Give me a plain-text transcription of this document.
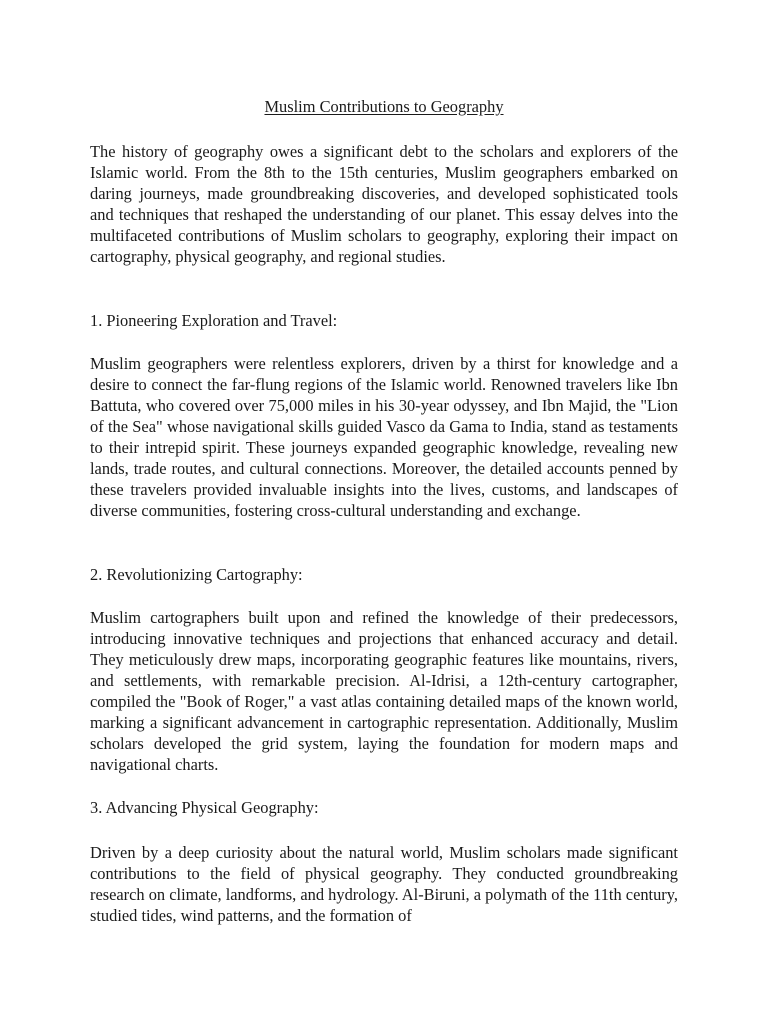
Muslim Contributions to Geography

The history of geography owes a significant debt to the scholars and explorers of the Islamic world. From the 8th to the 15th centuries, Muslim geographers embarked on daring journeys, made groundbreaking discoveries, and developed sophisticated tools and techniques that reshaped the understanding of our planet. This essay delves into the multifaceted contributions of Muslim scholars to geography, exploring their impact on cartography, physical geography, and regional studies.

1. Pioneering Exploration and Travel:

Muslim geographers were relentless explorers, driven by a thirst for knowledge and a desire to connect the far-flung regions of the Islamic world. Renowned travelers like Ibn Battuta, who covered over 75,000 miles in his 30-year odyssey, and Ibn Majid, the "Lion of the Sea" whose navigational skills guided Vasco da Gama to India, stand as testaments to their intrepid spirit. These journeys expanded geographic knowledge, revealing new lands, trade routes, and cultural connections. Moreover, the detailed accounts penned by these travelers provided invaluable insights into the lives, customs, and landscapes of diverse communities, fostering cross-cultural understanding and exchange.

2. Revolutionizing Cartography:

Muslim cartographers built upon and refined the knowledge of their predecessors, introducing innovative techniques and projections that enhanced accuracy and detail. They meticulously drew maps, incorporating geographic features like mountains, rivers, and settlements, with remarkable precision. Al-Idrisi, a 12th-century cartographer, compiled the "Book of Roger," a vast atlas containing detailed maps of the known world, marking a significant advancement in cartographic representation. Additionally, Muslim scholars developed the grid system, laying the foundation for modern maps and navigational charts.

3. Advancing Physical Geography:

Driven by a deep curiosity about the natural world, Muslim scholars made significant contributions to the field of physical geography. They conducted groundbreaking research on climate, landforms, and hydrology. Al-Biruni, a polymath of the 11th century, studied tides, wind patterns, and the formation of
